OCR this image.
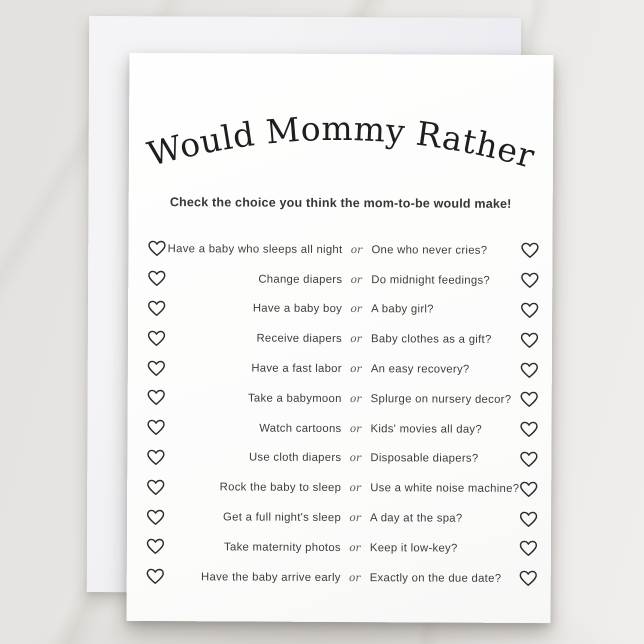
Would Mommy Rather
Check the choice you think the mom-to-be would make!
Have a baby who sleeps all night or One who never cries?
Change diapers or Do midnight feedings?
Have a baby boy or A baby girl?
Receive diapers or Baby clothes as a gift?
Have a fast labor or An easy recovery?
Take a babymoon or Splurge on nursery decor?
Watch cartoons or Kids' movies all day?
Use cloth diapers or Disposable diapers?
Rock the baby to sleep or Use a white noise machine?
Get a full night's sleep or A day at the spa?
Take maternity photos or Keep it low-key?
Have the baby arrive early or Exactly on the due date?
